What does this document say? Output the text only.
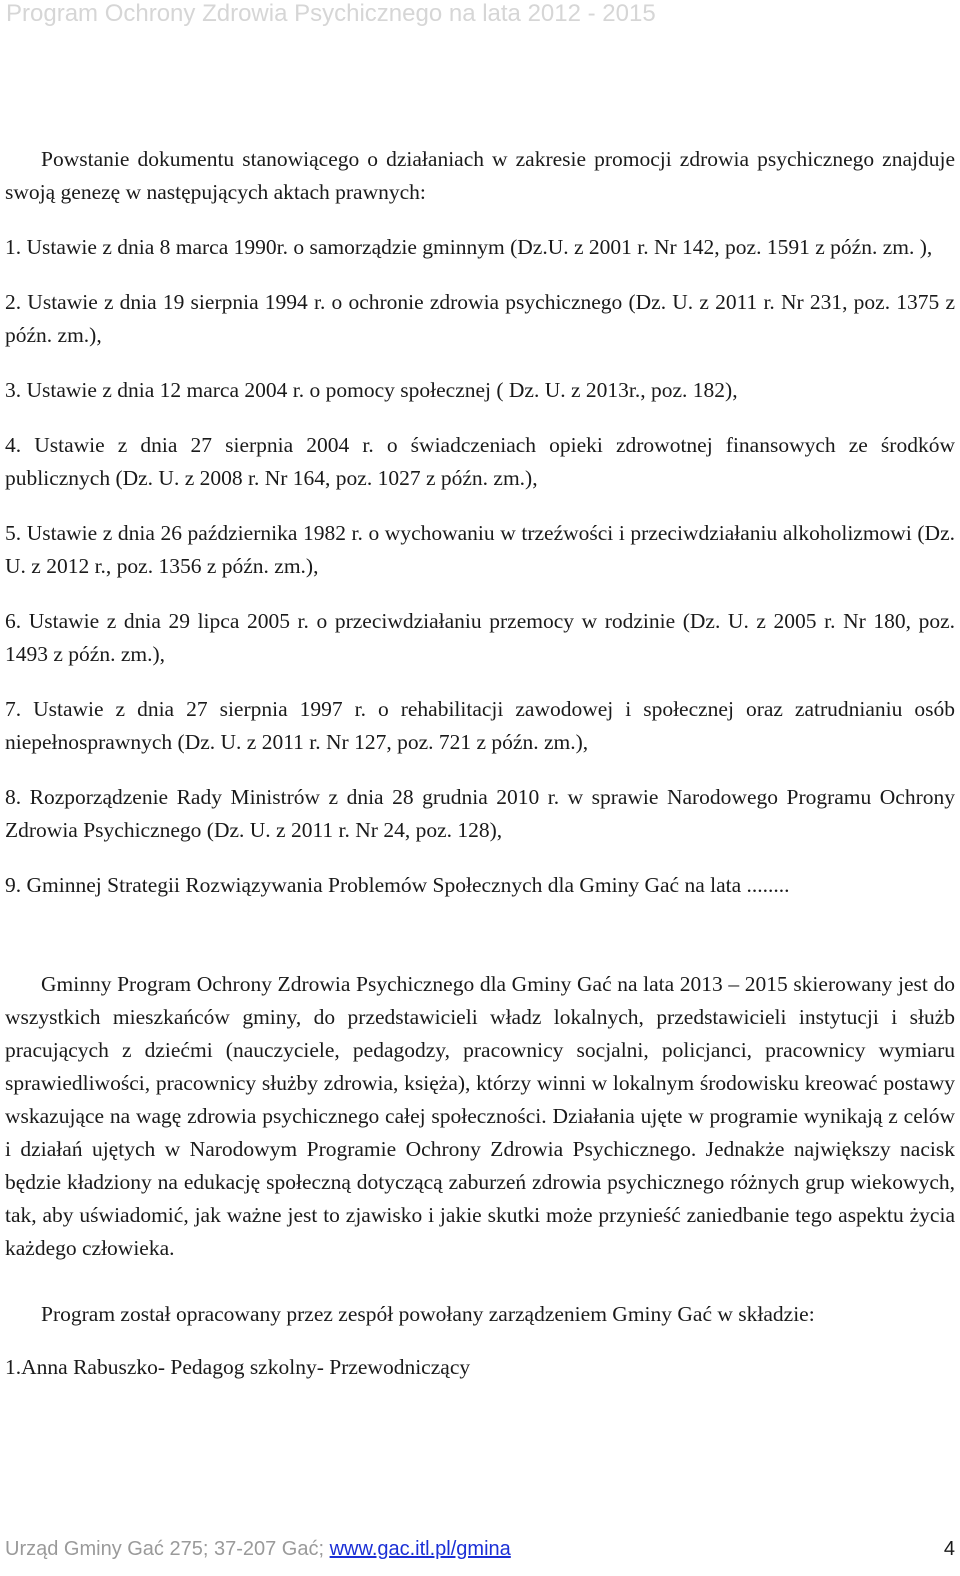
Program Ochrony Zdrowia Psychicznego na lata 2012 - 2015

Powstanie dokumentu stanowiącego o działaniach w zakresie promocji zdrowia psychicznego znajduje swoją genezę w następujących aktach prawnych:

1. Ustawie z dnia 8 marca 1990r. o samorządzie gminnym (Dz.U. z 2001 r. Nr 142, poz. 1591 z późn. zm. ),

2. Ustawie z dnia 19 sierpnia 1994 r. o ochronie zdrowia psychicznego (Dz. U. z 2011 r. Nr 231, poz. 1375 z późn. zm.),

3. Ustawie z dnia 12 marca 2004 r. o pomocy społecznej ( Dz. U. z 2013r., poz. 182),

4. Ustawie z dnia 27 sierpnia 2004 r. o świadczeniach opieki zdrowotnej finansowych ze środków publicznych (Dz. U. z 2008 r. Nr 164, poz. 1027 z późn. zm.),

5. Ustawie z dnia 26 października 1982 r. o wychowaniu w trzeźwości i przeciwdziałaniu alkoholizmowi (Dz. U. z 2012 r., poz. 1356 z późn. zm.),

6. Ustawie z dnia 29 lipca 2005 r. o przeciwdziałaniu przemocy w rodzinie (Dz. U. z 2005 r. Nr 180, poz. 1493 z późn. zm.),

7. Ustawie z dnia 27 sierpnia 1997 r. o rehabilitacji zawodowej i społecznej oraz zatrudnianiu osób niepełnosprawnych (Dz. U. z 2011 r. Nr 127, poz. 721 z późn. zm.),

8. Rozporządzenie Rady Ministrów z dnia 28 grudnia 2010 r. w sprawie Narodowego Programu Ochrony Zdrowia Psychicznego (Dz. U. z 2011 r. Nr 24, poz. 128),

9. Gminnej Strategii Rozwiązywania Problemów Społecznych dla Gminy Gać na lata ........

Gminny Program Ochrony Zdrowia Psychicznego dla Gminy Gać na lata 2013 – 2015 skierowany jest do wszystkich mieszkańców gminy, do przedstawicieli władz lokalnych, przedstawicieli instytucji i służb pracujących z dziećmi (nauczyciele, pedagodzy, pracownicy socjalni, policjanci, pracownicy wymiaru sprawiedliwości, pracownicy służby zdrowia, księża), którzy winni w lokalnym środowisku kreować postawy wskazujące na wagę zdrowia psychicznego całej społeczności. Działania ujęte w programie wynikają z celów i działań ujętych w Narodowym Programie Ochrony Zdrowia Psychicznego. Jednakże największy nacisk będzie kładziony na edukację społeczną dotyczącą zaburzeń zdrowia psychicznego różnych grup wiekowych, tak, aby uświadomić, jak ważne jest to zjawisko i jakie skutki może przynieść zaniedbanie tego aspektu życia każdego człowieka.

Program został opracowany przez zespół powołany zarządzeniem Gminy Gać w składzie:

1.Anna Rabuszko- Pedagog szkolny- Przewodniczący

Urząd Gminy Gać 275; 37-207 Gać; www.gac.itl.pl/gmina	4
